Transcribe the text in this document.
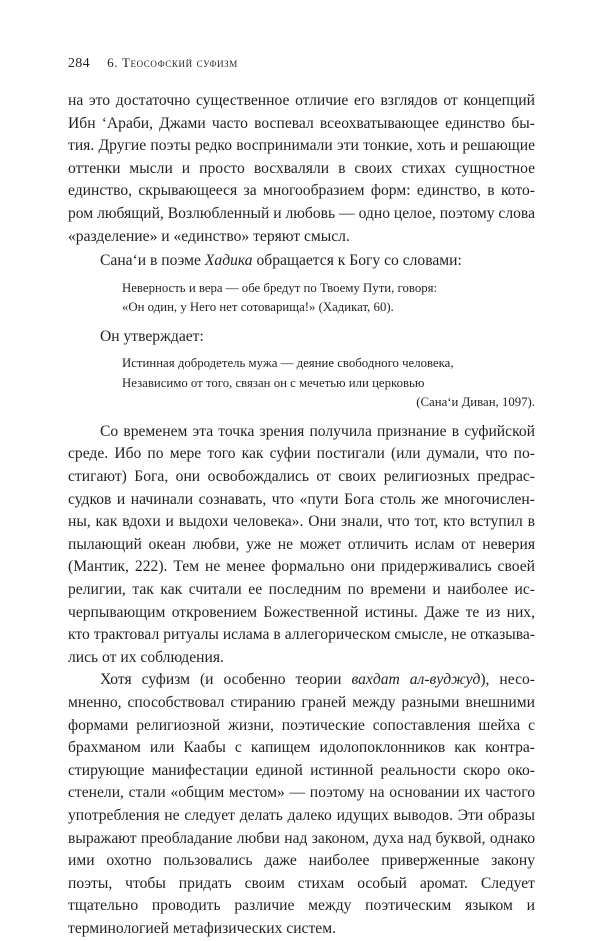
284 6. Теософский суфизм

на это достаточно существенное отличие его взглядов от концепций Ибн ‘Араби, Джами часто воспевал всеохватывающее единство бытия. Другие поэты редко воспринимали эти тонкие, хоть и решающие оттенки мысли и просто восхваляли в своих стихах сущностное единство, скрывающееся за многообразием форм: единство, в котором любящий, Возлюбленный и любовь — одно целое, поэтому слова «разделение» и «единство» теряют смысл.

Сана‘и в поэме Хадика обращается к Богу со словами:

Неверность и вера — обе бредут по Твоему Пути, говоря:
«Он один, у Него нет сотоварища!» (Хадикат, 60).

Он утверждает:

Истинная добродетель мужа — деяние свободного человека,
Независимо от того, связан он с мечетью или церковью
(Сана‘и Диван, 1097).

Со временем эта точка зрения получила признание в суфийской среде. Ибо по мере того как суфии постигали (или думали, что постигают) Бога, они освобождались от своих религиозных предрассудков и начинали сознавать, что «пути Бога столь же многочисленны, как вдохи и выдохи человека». Они знали, что тот, кто вступил в пылающий океан любви, уже не может отличить ислам от неверия (Мантик, 222). Тем не менее формально они придерживались своей религии, так как считали ее последним по времени и наиболее исчерпывающим откровением Божественной истины. Даже те из них, кто трактовал ритуалы ислама в аллегорическом смысле, не отказывались от их соблюдения.

Хотя суфизм (и особенно теории вахдат ал-вуджуд), несомненно, способствовал стиранию граней между разными внешними формами религиозной жизни, поэтические сопоставления шейха с брахманом или Каабы с капищем идолопоклонников как контрастирующие манифестации единой истинной реальности скоро окостенели, стали «общим местом» — поэтому на основании их частого употребления не следует делать далеко идущих выводов. Эти образы выражают преобладание любви над законом, духа над буквой, однако ими охотно пользовались даже наиболее приверженные закону поэты, чтобы придать своим стихам особый аромат. Следует тщательно проводить различие между поэтическим языком и терминологией метафизических систем.
